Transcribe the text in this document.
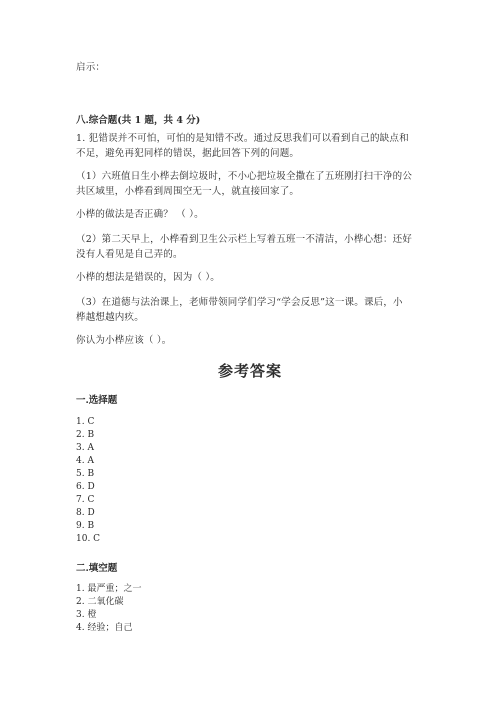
启示：
八.综合题(共 1 题，共 4 分)
1. 犯错误并不可怕，可怕的是知错不改。通过反思我们可以看到自己的缺点和
不足，避免再犯同样的错误，据此回答下列的问题。
（1）六班值日生小桦去倒垃圾时，不小心把垃圾全撒在了五班刚打扫干净的公
共区域里，小桦看到周围空无一人，就直接回家了。
小桦的做法是否正确？ （ ）。
（2）第二天早上，小桦看到卫生公示栏上写着五班一不清洁，小桦心想：还好
没有人看见是自己弄的。
小桦的想法是错误的，因为（ ）。
（3）在道德与法治课上，老师带领同学们学习“学会反思”这一课。课后，小
桦越想越内疚。
你认为小桦应该（ ）。
参考答案
一.选择题
1. C
2. B
3. A
4. A
5. B
6. D
7. C
8. D
9. B
10. C
二.填空题
1. 最严重；之一
2. 二氧化碳
3. 橙
4. 经验；自己
